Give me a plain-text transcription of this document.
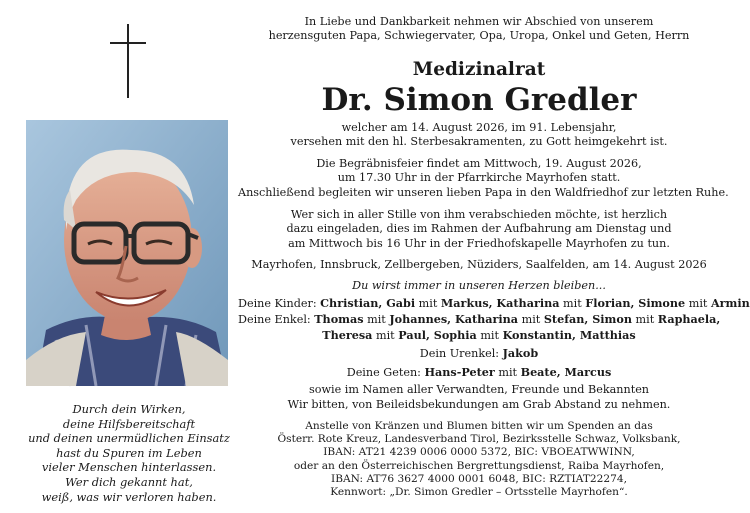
Durch dein Wirken,
deine Hilfsbereitschaft
und deinen unermüdlichen Einsatz
hast du Spuren im Leben
vieler Menschen hinterlassen.
Wer dich gekannt hat,
weiß, was wir verloren haben.
In Liebe und Dankbarkeit nehmen wir Abschied von unserem
herzensguten Papa, Schwiegervater, Opa, Uropa, Onkel und Geten, Herrn
Medizinalrat
Dr. Simon Gredler
welcher am 14. August 2026, im 91. Lebensjahr,
versehen mit den hl. Sterbesakramenten, zu Gott heimgekehrt ist.
Die Begräbnisfeier findet am Mittwoch, 19. August 2026,
um 17.30 Uhr in der Pfarrkirche Mayrhofen statt.
Anschließend begleiten wir unseren lieben Papa in den Waldfriedhof zur letzten Ruhe.
Wer sich in aller Stille von ihm verabschieden möchte, ist herzlich
dazu eingeladen, dies im Rahmen der Aufbahrung am Dienstag und
am Mittwoch bis 16 Uhr in der Friedhofskapelle Mayrhofen zu tun.
Mayrhofen, Innsbruck, Zellbergeben, Nüziders, Saalfelden, am 14. August 2026
Du wirst immer in unseren Herzen bleiben...
Deine Kinder: Christian, Gabi mit Markus, Katharina mit Florian, Simone mit Armin
Deine Enkel: Thomas mit Johannes, Katharina mit Stefan, Simon mit Raphaela,
Theresa mit Paul, Sophia mit Konstantin, Matthias
Dein Urenkel: Jakob
Deine Geten: Hans-Peter mit Beate, Marcus
sowie im Namen aller Verwandten, Freunde und Bekannten
Wir bitten, von Beileidsbekundungen am Grab Abstand zu nehmen.
Anstelle von Kränzen und Blumen bitten wir um Spenden an das
Österr. Rote Kreuz, Landesverband Tirol, Bezirksstelle Schwaz, Volksbank,
IBAN: AT21 4239 0006 0000 5372, BIC: VBOEATWWINN,
oder an den Österreichischen Bergrettungsdienst, Raiba Mayrhofen,
IBAN: AT76 3627 4000 0001 6048, BIC: RZTIAT22274,
Kennwort: „Dr. Simon Gredler – Ortsstelle Mayrhofen“.
